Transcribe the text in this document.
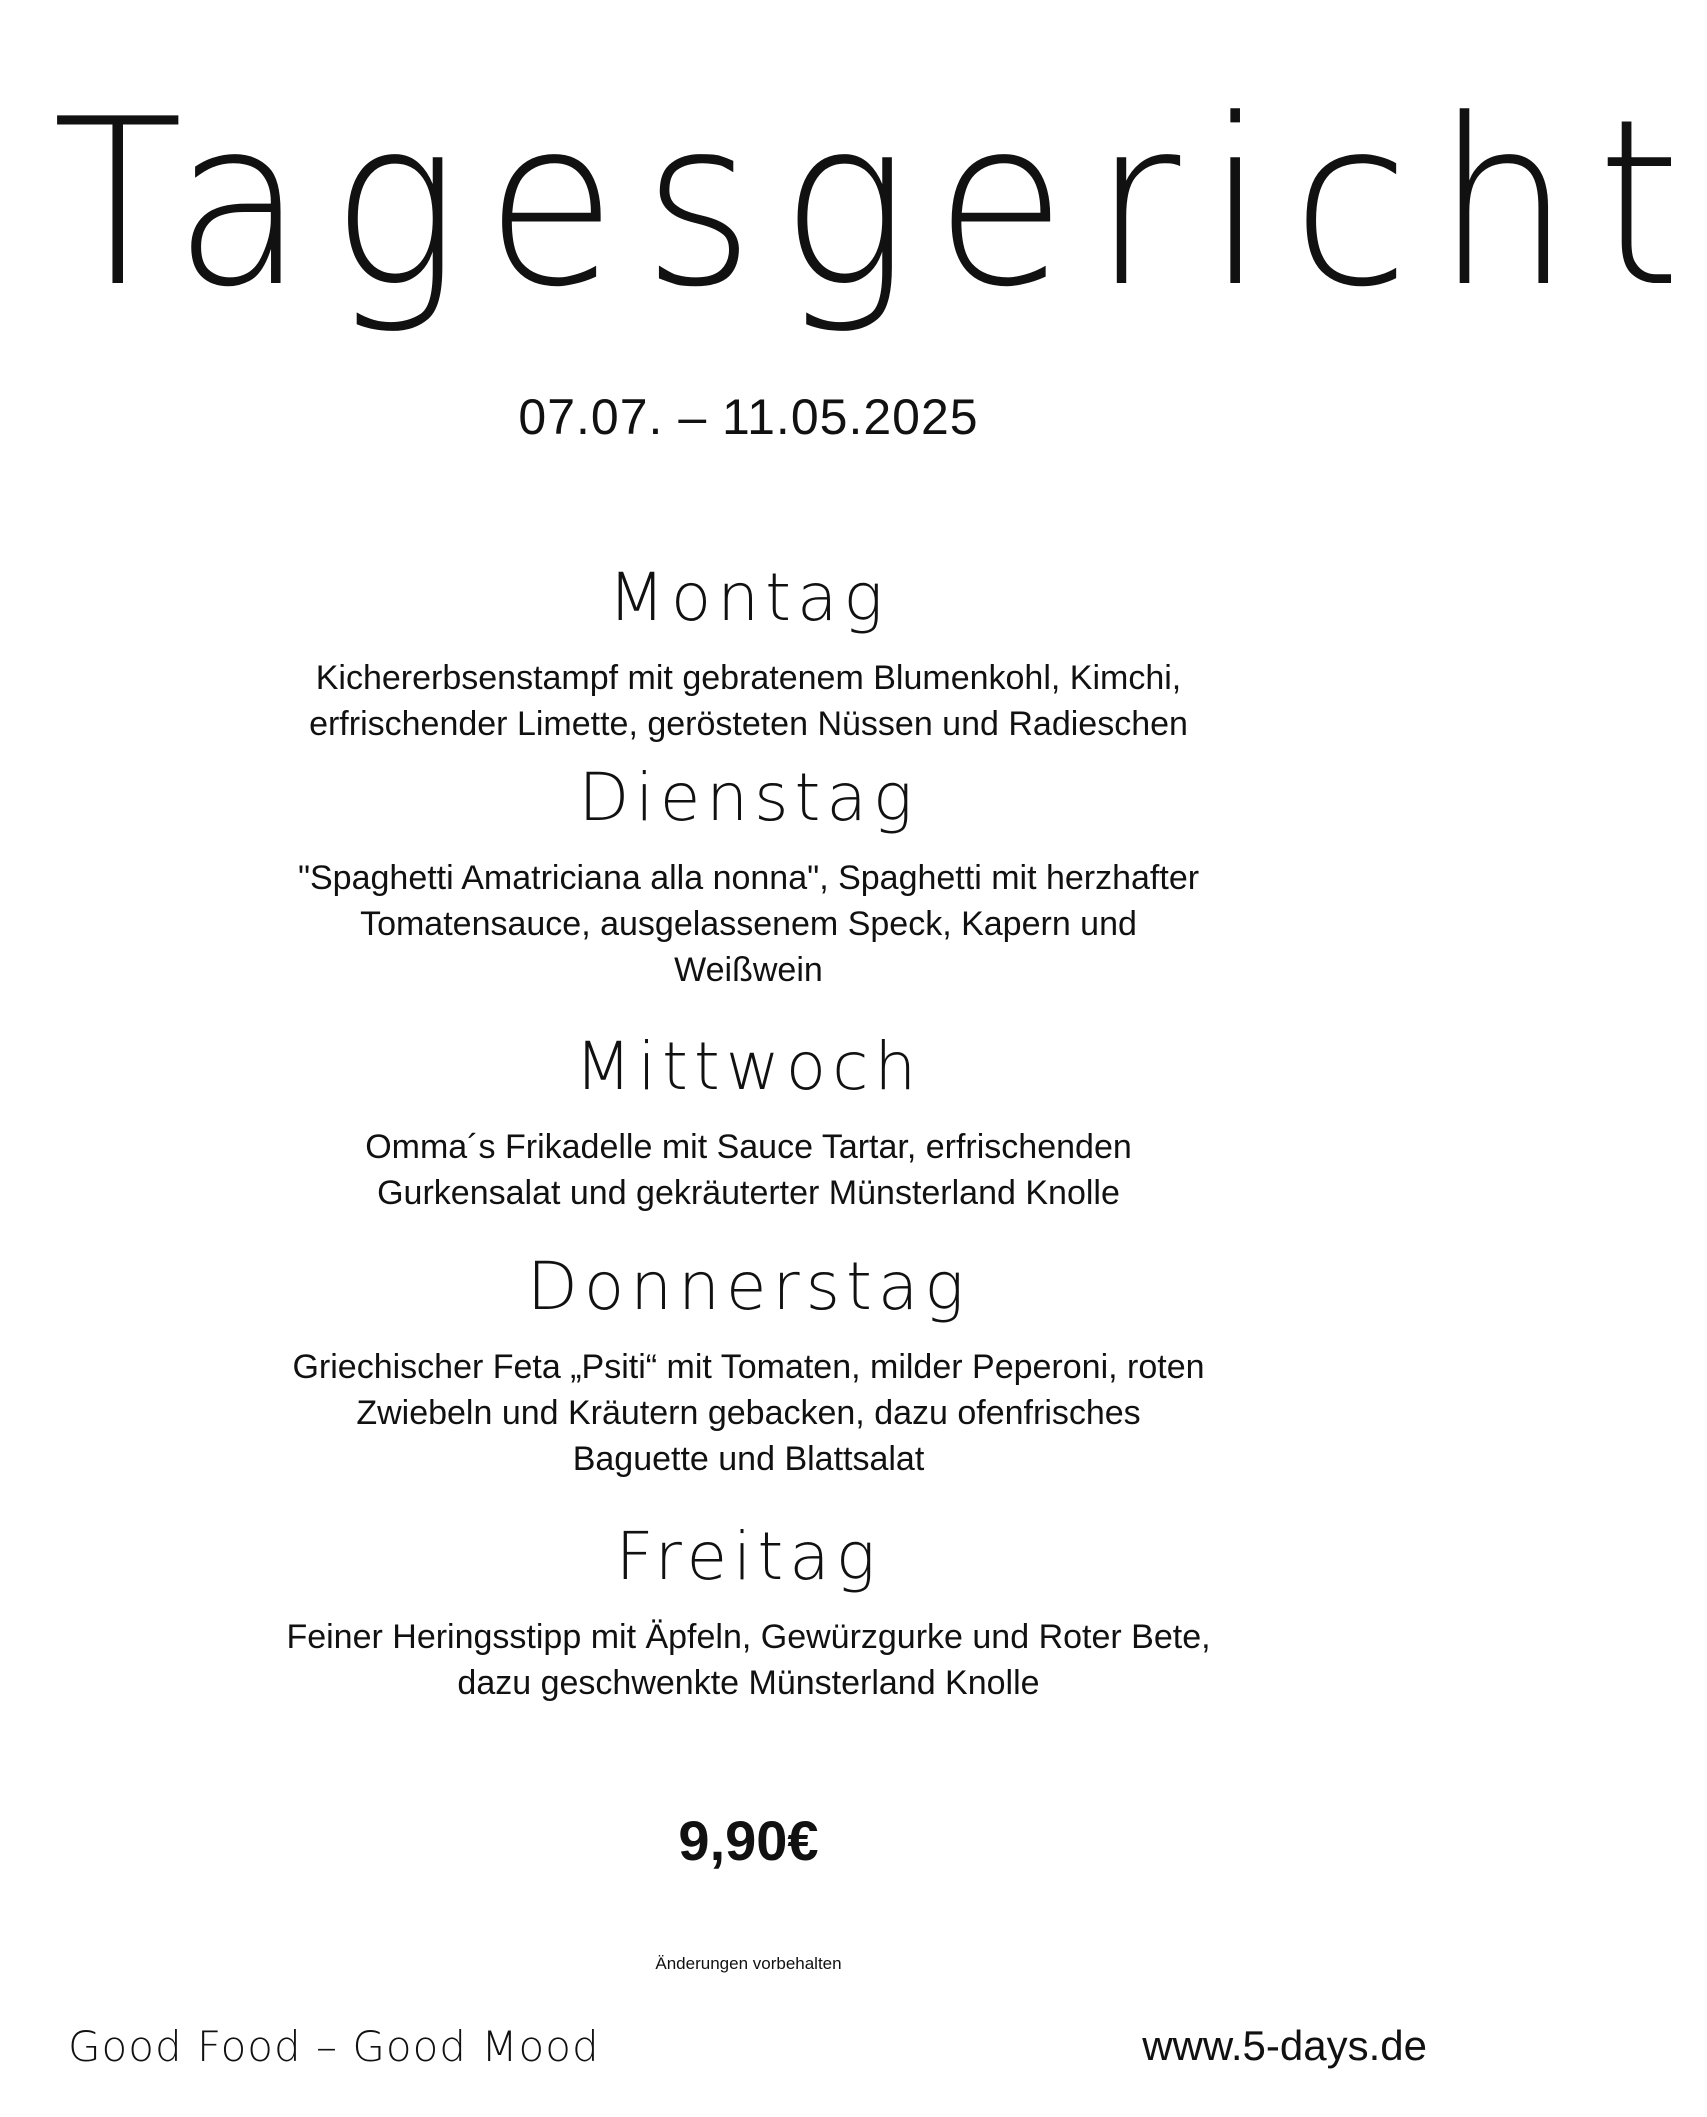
Tagesgericht
07.07. – 11.05.2025
Montag
Kichererbsenstampf mit gebratenem Blumenkohl, Kimchi,
erfrischender Limette, gerösteten Nüssen und Radieschen
Dienstag
"Spaghetti Amatriciana alla nonna", Spaghetti mit herzhafter
Tomatensauce, ausgelassenem Speck, Kapern und
Weißwein
Mittwoch
Omma´s Frikadelle mit Sauce Tartar, erfrischenden
Gurkensalat und gekräuterter Münsterland Knolle
Donnerstag
Griechischer Feta „Psiti“ mit Tomaten, milder Peperoni, roten
Zwiebeln und Kräutern gebacken, dazu ofenfrisches
Baguette und Blattsalat
Freitag
Feiner Heringsstipp mit Äpfeln, Gewürzgurke und Roter Bete,
dazu geschwenkte Münsterland Knolle
9,90€
Änderungen vorbehalten
Good Food – Good Mood	www.5-days.de
